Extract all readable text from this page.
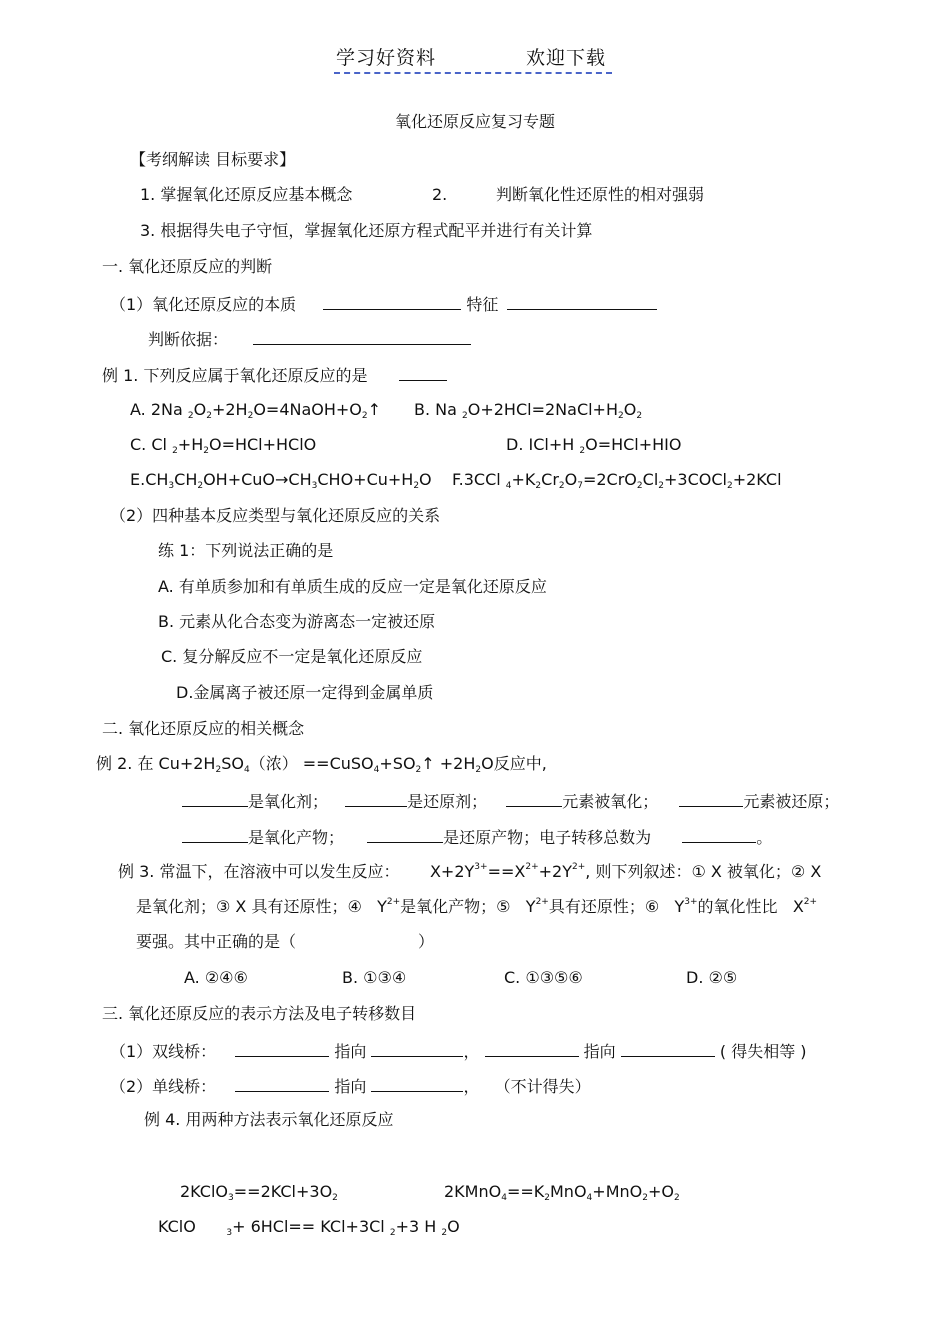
学习好资料	欢迎下载
氧化还原反应复习专题
【考纲解读 目标要求】
1. 掌握氧化还原反应基本概念	2.	判断氧化性还原性的相对强弱
3. 根据得失电子守恒，掌握氧化还原方程式配平并进行有关计算
一. 氧化还原反应的判断
（1）氧化还原反应的本质	特征
判断依据：
例 1. 下列反应属于氧化还原反应的是
A. 2Na $_2O_2+2H_2O=4NaOH+O_2↑$ B. Na $_2O+2HCl=2NaCl+H_2O_2$
C. Cl $_2+H_2O=HCl+HClO$	D. ICl+H $_2$O=HCl+HIO
$E.CH_3CH_2OH+CuO\to CH_3CHO+Cu+H_2O$ F.3CCl $_4+K_2Cr_2O_7=2CrO_2Cl_2+3COCl_2+2KCl$
（2）四种基本反应类型与氧化还原反应的关系
练 1：下列说法正确的是
A. 有单质参加和有单质生成的反应一定是氧化还原反应
B. 元素从化合态变为游离态一定被还原
C. 复分解反应不一定是氧化还原反应
D.金属离子被还原一定得到金属单质
二. 氧化还原反应的相关概念
例 2. 在 $Cu+2H_2SO_4$（浓） $==CuSO_4+SO_2↑ +2H_2O$反应中,
是氧化剂；	是还原剂；	元素被氧化；	元素被还原；
是氧化产物；	是还原产物；电子转移总数为	。
例 3. 常温下，在溶液中可以发生反应： $X+2Y^{3+}==X^{2+}+2Y^{2+}$, 则下列叙述：① X 被氧化；② X
是氧化剂；③ X 具有还原性；④ $Y^{2+}$是氧化产物；⑤ $Y^{2+}$具有还原性；⑥ $Y^{3+}$的氧化性比 $X^{2+}$
要强。其中正确的是（	）
A. ②④⑥	B. ①③④	C. ①③⑤⑥	D. ②⑤
三. 氧化还原反应的表示方法及电子转移数目
（1）双线桥：	指向	，	指向	( 得失相等 )
（2）单线桥：	指向	， （不计得失）
例 4. 用两种方法表示氧化还原反应
$2KClO_3==2KCl+3O_2$	$2KMnO_4==K_2MnO_4+MnO_2+O_2$
KClO	$_3$+ 6HCl== KCl+3Cl $_2$+3 H $_2$O
